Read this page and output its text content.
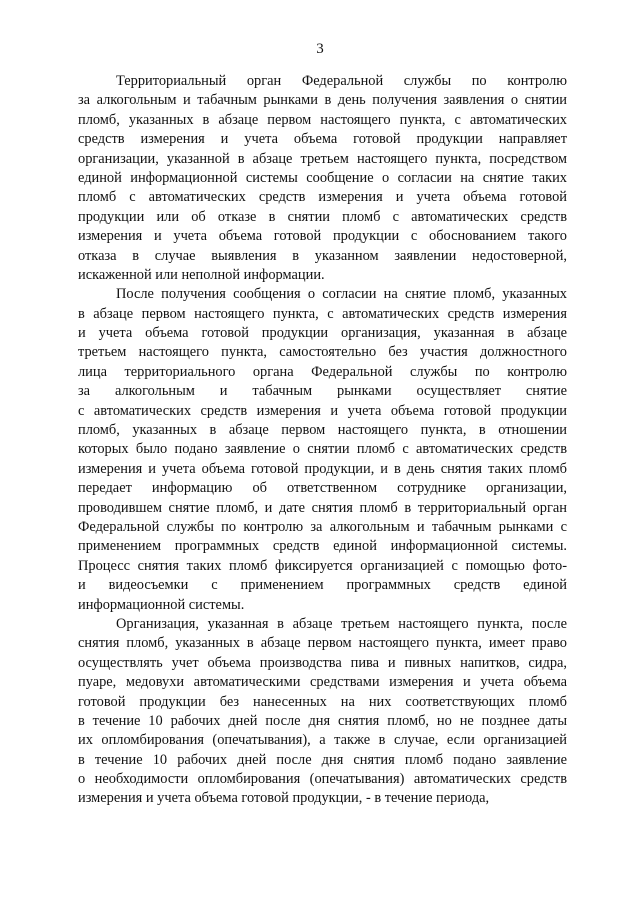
3
Территориальный орган Федеральной службы по контролю
за алкогольным и табачным рынками в день получения заявления о снятии
пломб, указанных в абзаце первом настоящего пункта, с автоматических
средств измерения и учета объема готовой продукции направляет
организации, указанной в абзаце третьем настоящего пункта, посредством
единой информационной системы сообщение о согласии на снятие таких
пломб с автоматических средств измерения и учета объема готовой
продукции или об отказе в снятии пломб с автоматических средств
измерения и учета объема готовой продукции с обоснованием такого
отказа в случае выявления в указанном заявлении недостоверной,
искаженной или неполной информации.
После получения сообщения о согласии на снятие пломб, указанных
в абзаце первом настоящего пункта, с автоматических средств измерения
и учета объема готовой продукции организация, указанная в абзаце
третьем настоящего пункта, самостоятельно без участия должностного
лица территориального органа Федеральной службы по контролю
за алкогольным и табачным рынками осуществляет снятие
с автоматических средств измерения и учета объема готовой продукции
пломб, указанных в абзаце первом настоящего пункта, в отношении
которых было подано заявление о снятии пломб с автоматических средств
измерения и учета объема готовой продукции, и в день снятия таких пломб
передает информацию об ответственном сотруднике организации,
проводившем снятие пломб, и дате снятия пломб в территориальный орган
Федеральной службы по контролю за алкогольным и табачным рынками с
применением программных средств единой информационной системы.
Процесс снятия таких пломб фиксируется организацией с помощью фото-
и видеосъемки с применением программных средств единой
информационной системы.
Организация, указанная в абзаце третьем настоящего пункта, после
снятия пломб, указанных в абзаце первом настоящего пункта, имеет право
осуществлять учет объема производства пива и пивных напитков, сидра,
пуаре, медовухи автоматическими средствами измерения и учета объема
готовой продукции без нанесенных на них соответствующих пломб
в течение 10 рабочих дней после дня снятия пломб, но не позднее даты
их опломбирования (опечатывания), а также в случае, если организацией
в течение 10 рабочих дней после дня снятия пломб подано заявление
о необходимости опломбирования (опечатывания) автоматических средств
измерения и учета объема готовой продукции, - в течение периода,
